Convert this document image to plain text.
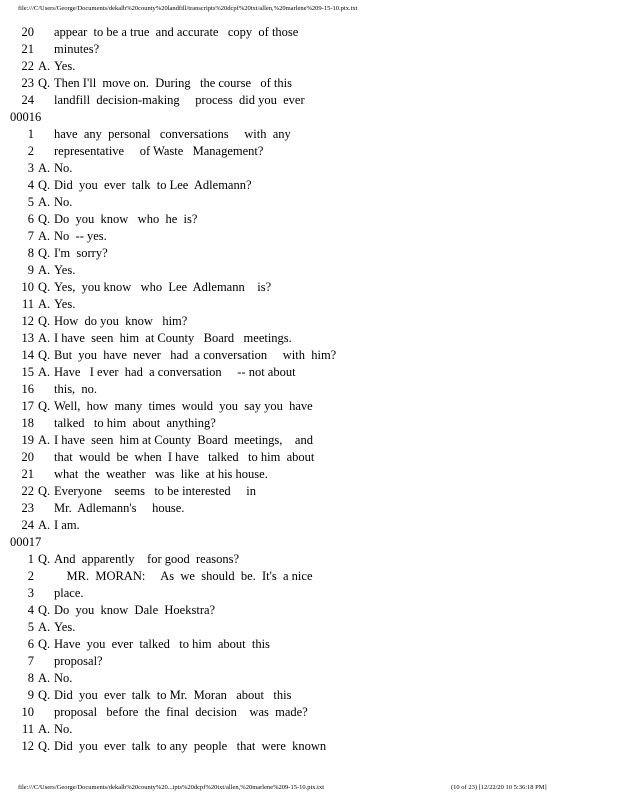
file:///C/Users/George/Documents/dekalb%20county%20landfill/transcripts%20dcpf%20txt/allen,%20marlene%209-15-10.ptx.txt
20 appear  to be a true  and accurate   copy  of those
21 minutes?
22 A. Yes.
23 Q. Then I'll  move on.  During   the course   of this
24 landfill  decision-making     process  did you  ever
00016
1 have  any  personal   conversations     with  any
2 representative     of Waste   Management?
3 A. No.
4 Q. Did  you  ever  talk  to Lee  Adlemann?
5 A. No.
6 Q. Do  you  know   who  he  is?
7 A. No  -- yes.
8 Q. I'm  sorry?
9 A. Yes.
10 Q. Yes,  you know   who  Lee  Adlemann    is?
11 A. Yes.
12 Q. How  do you  know   him?
13 A. I have  seen  him  at County   Board   meetings.
14 Q. But  you  have  never   had  a conversation     with  him?
15 A. Have   I ever  had  a conversation     -- not about
16 this,  no.
17 Q. Well,  how  many  times  would  you  say you  have
18 talked   to him  about  anything?
19 A. I have  seen  him at County  Board  meetings,    and
20 that  would  be  when  I have   talked   to him  about
21 what  the  weather   was  like  at his house.
22 Q. Everyone    seems   to be interested     in
23 Mr.  Adlemann's     house.
24 A. I am.
00017
1 Q. And  apparently    for good  reasons?
2 MR.  MORAN:     As  we  should  be.  It's  a nice
3 place.
4 Q. Do  you  know  Dale  Hoekstra?
5 A. Yes.
6 Q. Have  you  ever  talked   to him  about  this
7 proposal?
8 A. No.
9 Q. Did  you  ever  talk  to Mr.  Moran   about   this
10 proposal   before  the  final  decision    was  made?
11 A. No.
12 Q. Did  you  ever  talk  to any  people   that  were  known
file:///C/Users/George/Documents/dekalb%20county%20...ipts%20dcpf%20txt/allen,%20marlene%209-15-10.ptx.txt	(10 of 23) [12/22/20 10 5:36:18 PM]
